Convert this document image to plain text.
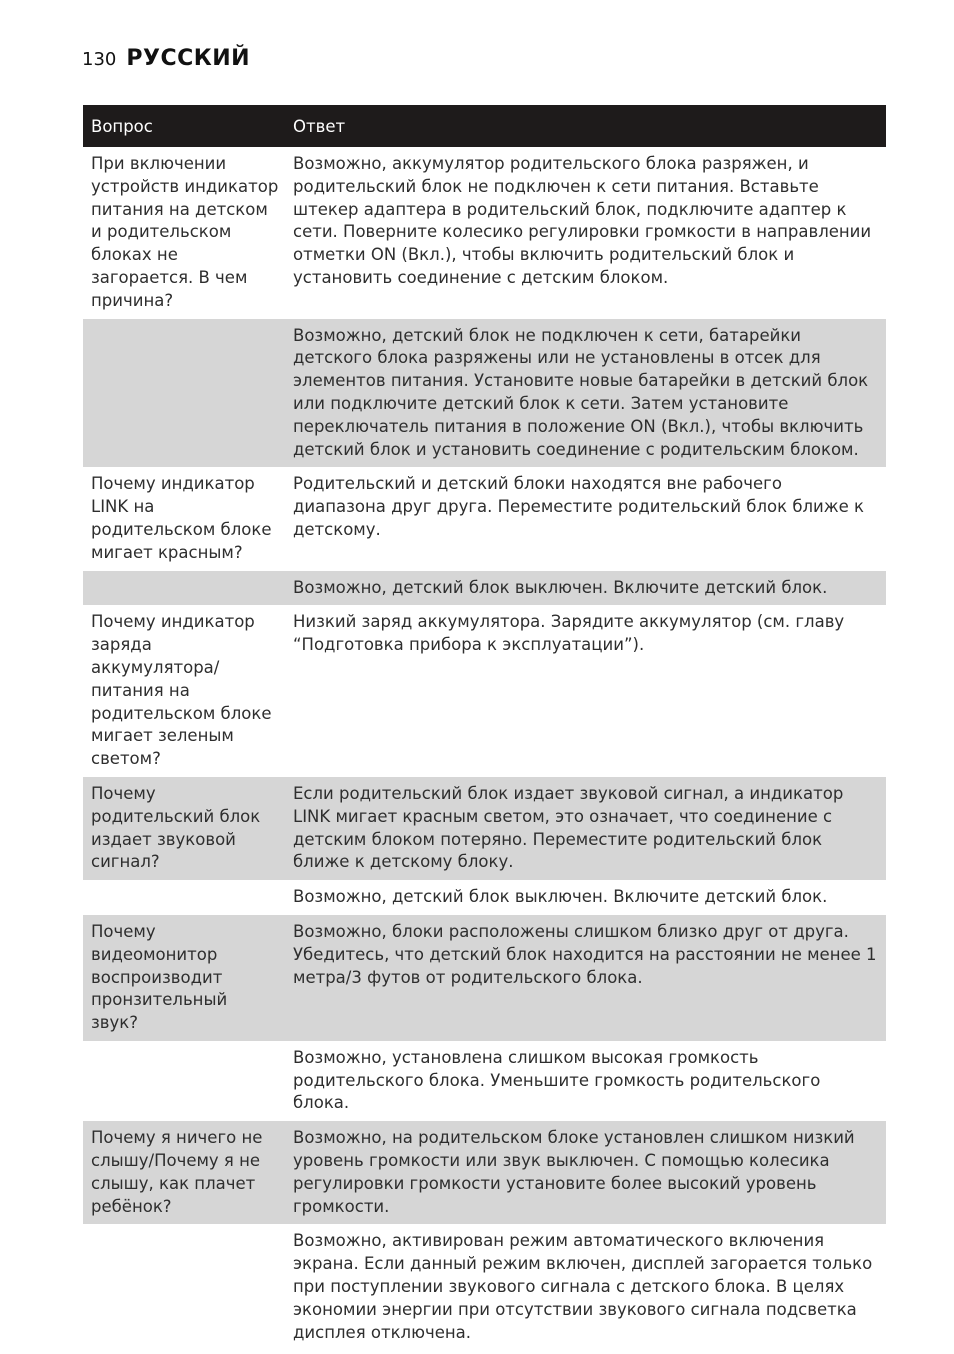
130 РУССКИЙ
Вопрос	Ответ
При включении устройств индикатор питания на детском и родительском блоках не загорается. В чем причина?	Возможно, аккумулятор родительского блока разряжен, и родительский блок не подключен к сети питания. Вставьте штекер адаптера в родительский блок, подключите адаптер к сети. Поверните колесико регулировки громкости в направлении отметки ON (Вкл.), чтобы включить родительский блок и установить соединение с детским блоком.
	Возможно, детский блок не подключен к сети, батарейки детского блока разряжены или не установлены в отсек для элементов питания. Установите новые батарейки в детский блок или подключите детский блок к сети. Затем установите переключатель питания в положение ON (Вкл.), чтобы включить детский блок и установить соединение с родительским блоком.
Почему индикатор LINK на родительском блоке мигает красным?	Родительский и детский блоки находятся вне рабочего диапазона друг друга. Переместите родительский блок ближе к детскому.
	Возможно, детский блок выключен. Включите детский блок.
Почему индикатор заряда аккумулятора/ питания на родительском блоке мигает зеленым светом?	Низкий заряд аккумулятора. Зарядите аккумулятор (см. главу “Подготовка прибора к эксплуатации”).
Почему родительский блок издает звуковой сигнал?	Если родительский блок издает звуковой сигнал, а индикатор LINK мигает красным светом, это означает, что соединение с детским блоком потеряно. Переместите родительский блок ближе к детскому блоку.
	Возможно, детский блок выключен. Включите детский блок.
Почему видеомонитор воспроизводит пронзительный звук?	Возможно, блоки расположены слишком близко друг от друга. Убедитесь, что детский блок находится на расстоянии не менее 1 метра/3 футов от родительского блока.
	Возможно, установлена слишком высокая громкость родительского блока. Уменьшите громкость родительского блока.
Почему я ничего не слышу/Почему я не слышу, как плачет ребёнок?	Возможно, на родительском блоке установлен слишком низкий уровень громкости или звук выключен. С помощью колесика регулировки громкости установите более высокий уровень громкости.
	Возможно, активирован режим автоматического включения экрана. Если данный режим включен, дисплей загорается только при поступлении звукового сигнала с детского блока. В целях экономии энергии при отсутствии звукового сигнала подсветка дисплея отключена.
